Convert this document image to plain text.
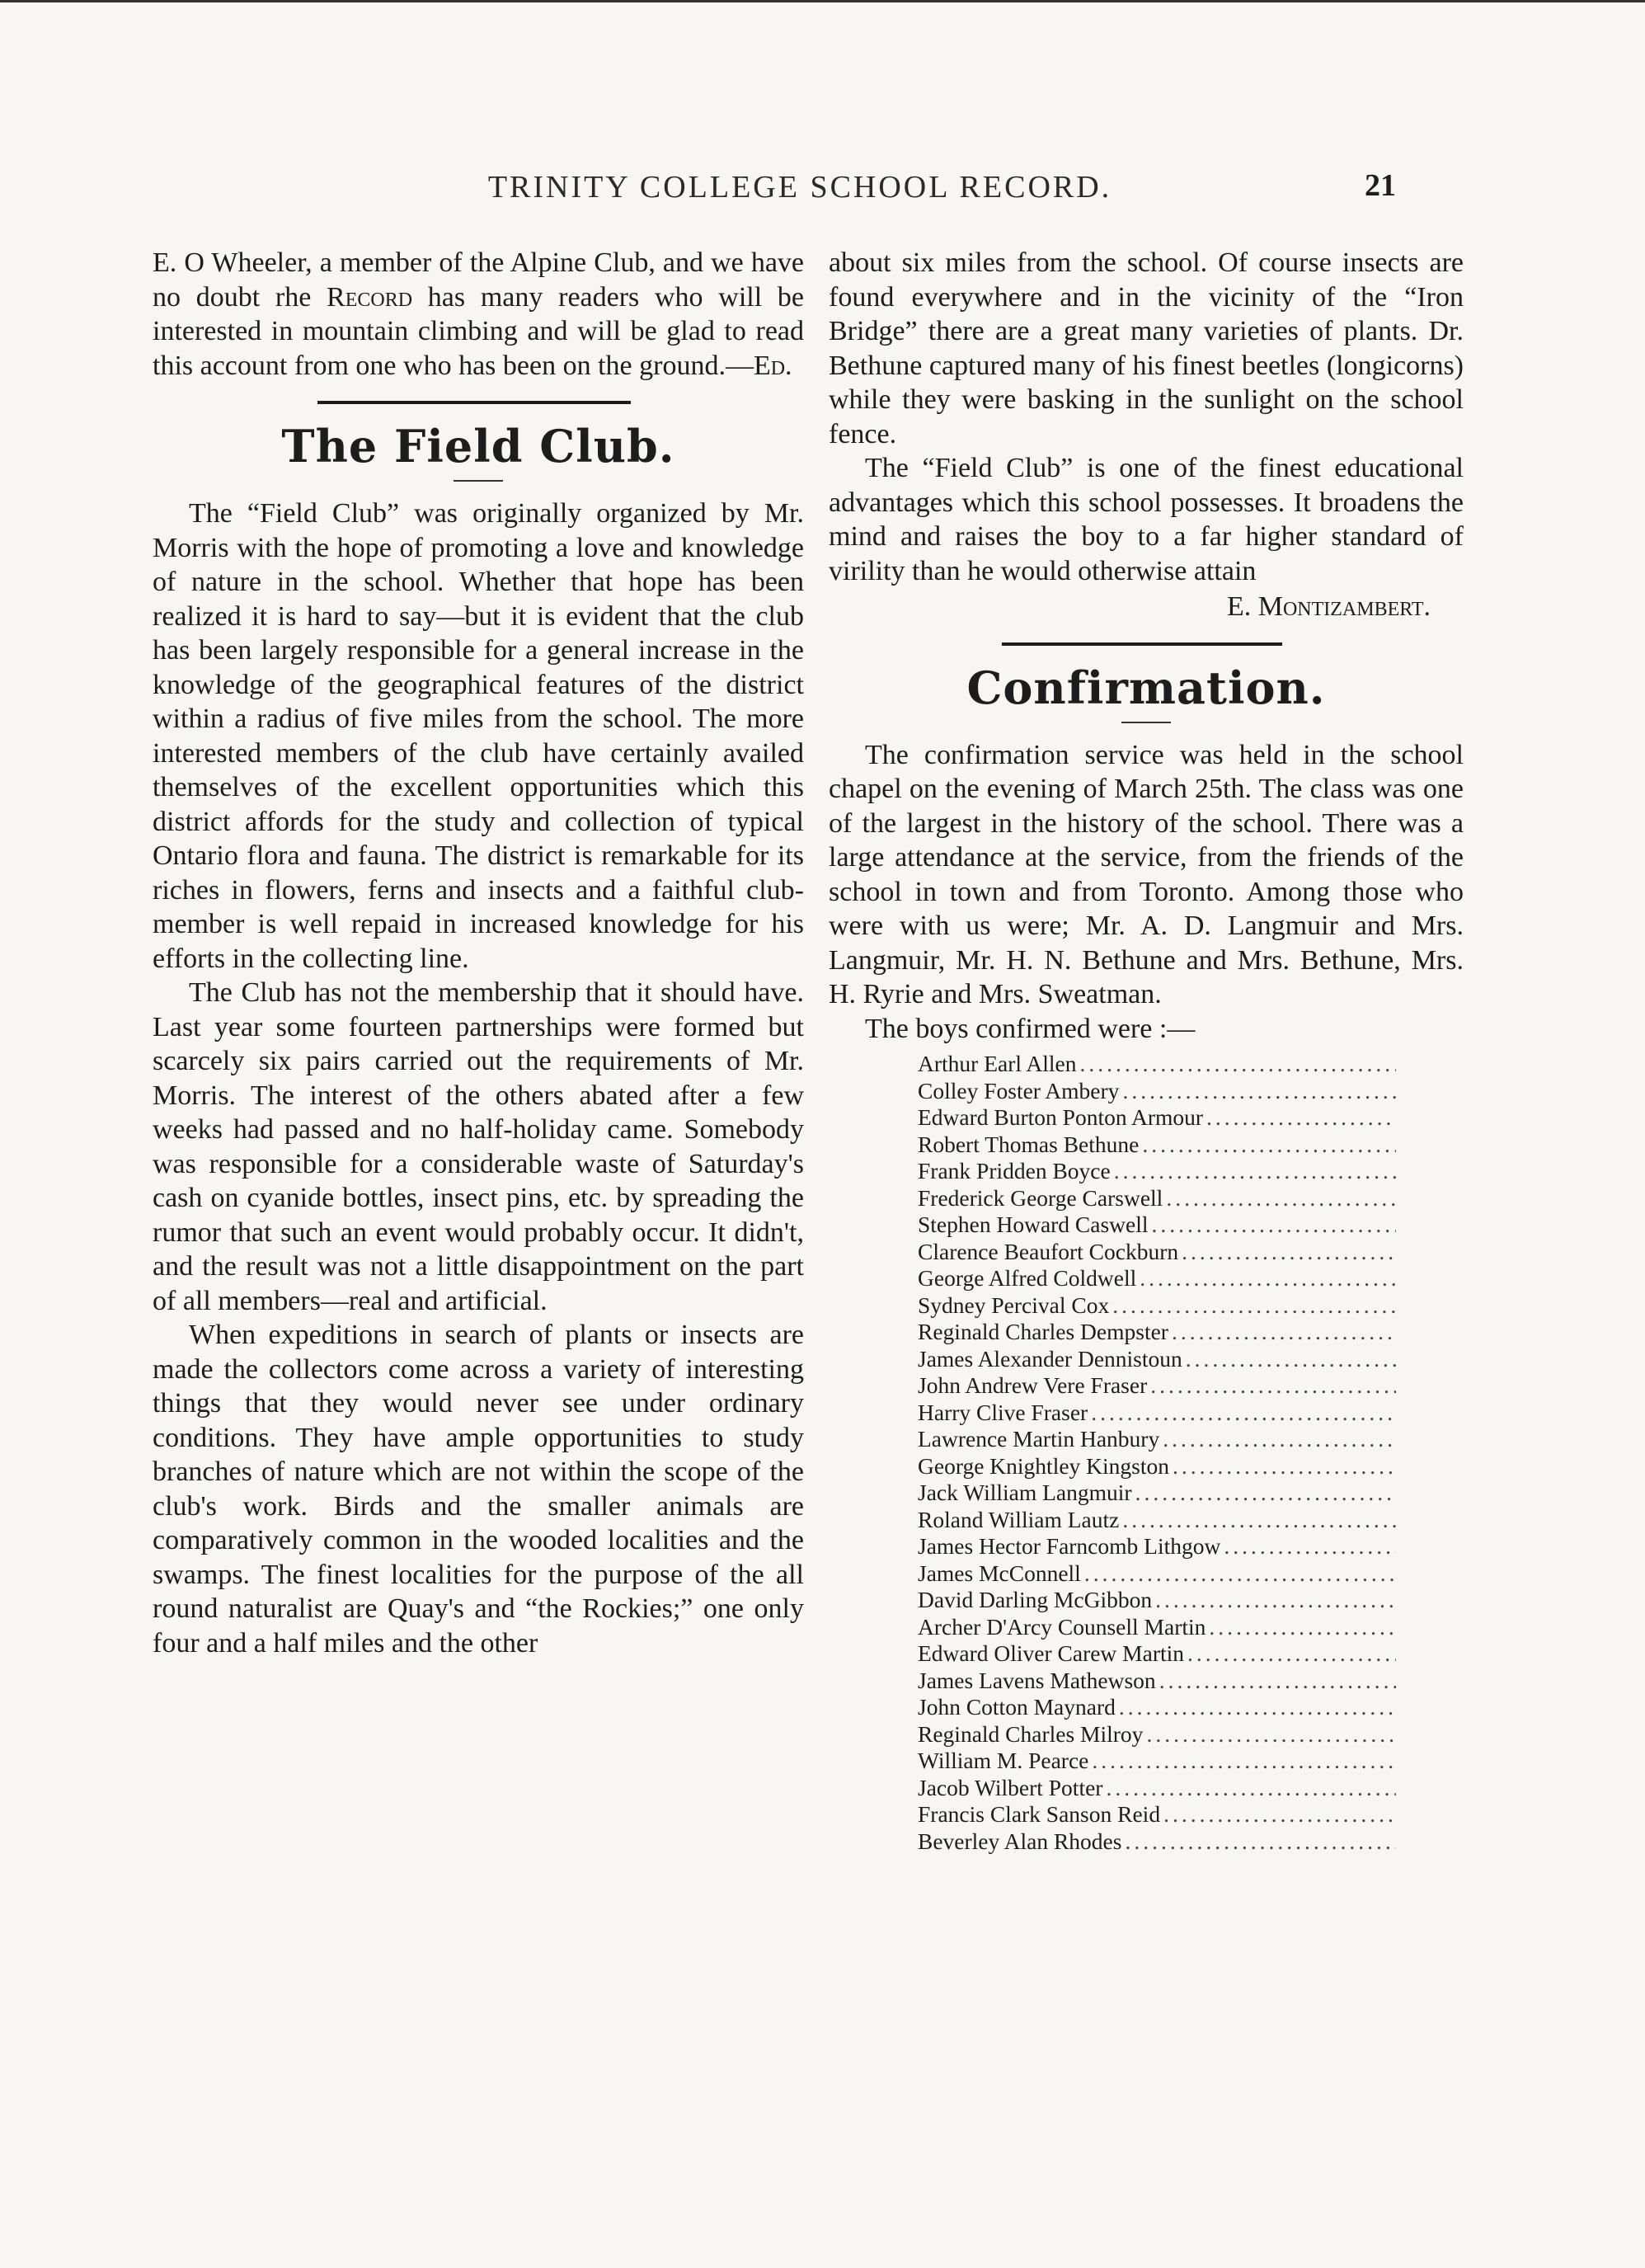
TRINITY COLLEGE SCHOOL RECORD.	21

E. O Wheeler, a member of the Alpine Club, and we have no doubt rhe Record has many readers who will be interested in mountain climbing and will be glad to read this account from one who has been on the ground.—Ed.

The Field Club.

The “Field Club” was originally organized by Mr. Morris with the hope of promoting a love and knowledge of nature in the school. Whether that hope has been realized it is hard to say—but it is evident that the club has been largely responsible for a general increase in the knowledge of the geographical features of the district within a radius of five miles from the school. The more interested members of the club have certainly availed themselves of the excellent opportunities which this district affords for the study and collection of typical Ontario flora and fauna. The district is remarkable for its riches in flowers, ferns and insects and a faithful club-member is well repaid in increased knowledge for his efforts in the collecting line.

The Club has not the membership that it should have. Last year some fourteen partnerships were formed but scarcely six pairs carried out the requirements of Mr. Morris. The interest of the others abated after a few weeks had passed and no half-holiday came. Somebody was responsible for a considerable waste of Saturday's cash on cyanide bottles, insect pins, etc. by spreading the rumor that such an event would probably occur. It didn't, and the result was not a little disappointment on the part of all members—real and artificial.

When expeditions in search of plants or insects are made the collectors come across a variety of interesting things that they would never see under ordinary conditions. They have ample opportunities to study branches of nature which are not within the scope of the club's work. Birds and the smaller animals are comparatively common in the wooded localities and the swamps. The finest localities for the purpose of the all round naturalist are Quay's and “the Rockies;” one only four and a half miles and the other

about six miles from the school. Of course insects are found everywhere and in the vicinity of the “Iron Bridge” there are a great many varieties of plants. Dr. Bethune captured many of his finest beetles (longicorns) while they were basking in the sunlight on the school fence.

The “Field Club” is one of the finest educational advantages which this school possesses. It broadens the mind and raises the boy to a far higher standard of virility than he would otherwise attain

E. Montizambert.
Confirmation.

The confirmation service was held in the school chapel on the evening of March 25th. The class was one of the largest in the history of the school. There was a large attendance at the service, from the friends of the school in town and from Toronto. Among those who were with us were; Mr. A. D. Langmuir and Mrs. Langmuir, Mr. H. N. Bethune and Mrs. Bethune, Mrs. H. Ryrie and Mrs. Sweatman.

The boys confirmed were :—

Arthur Earl Allen
.....
Colley Foster Ambery
.....
Edward Burton Ponton Armour
.....
Robert Thomas Bethune
.....
Frank Pridden Boyce
.....
Frederick George Carswell
.....
Stephen Howard Caswell
.....
Clarence Beaufort Cockburn
.....
George Alfred Coldwell
.....
Sydney Percival Cox
.....
Reginald Charles Dempster
.....
James Alexander Dennistoun
.....
John Andrew Vere Fraser
.....
Harry Clive Fraser
.....
Lawrence Martin Hanbury
.....
George Knightley Kingston
.....
Jack William Langmuir
.....
Roland William Lautz
.....
James Hector Farncomb Lithgow
.....
James McConnell
.....
David Darling McGibbon
.....
Archer D'Arcy Counsell Martin
.....
Edward Oliver Carew Martin
.....
James Lavens Mathewson
.....
John Cotton Maynard
.....
Reginald Charles Milroy
.....
William M. Pearce
.....
Jacob Wilbert Potter
.....
Francis Clark Sanson Reid
.....
Beverley Alan Rhodes
.....
